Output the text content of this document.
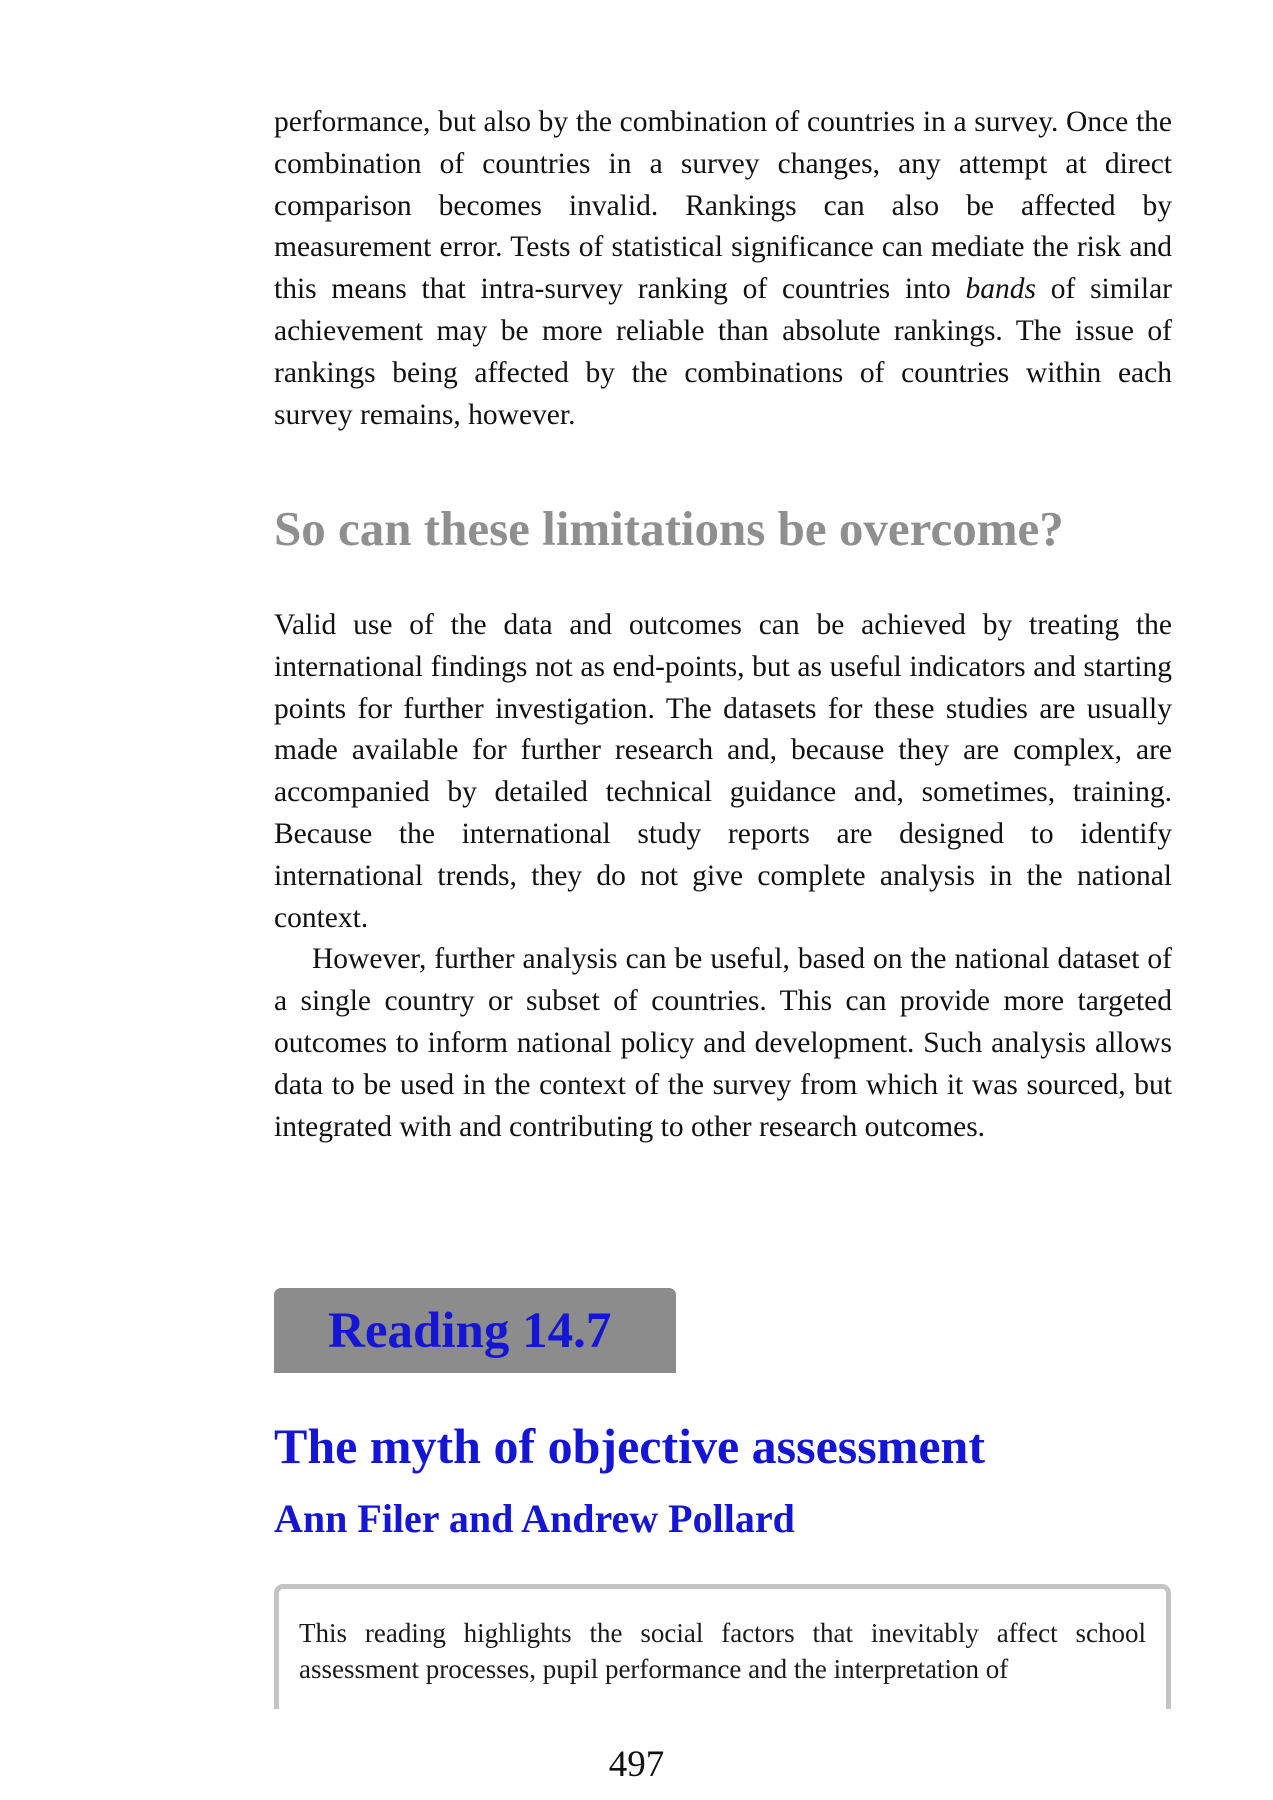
performance, but also by the combination of countries in a survey. Once the combination of countries in a survey changes, any attempt at direct comparison becomes invalid. Rankings can also be affected by measurement error. Tests of statistical significance can mediate the risk and this means that intra-survey ranking of countries into bands of similar achievement may be more reliable than absolute rankings. The issue of rankings being affected by the combinations of countries within each survey remains, however.

So can these limitations be overcome?

Valid use of the data and outcomes can be achieved by treating the international findings not as end-points, but as useful indicators and starting points for further investigation. The datasets for these studies are usually made available for further research and, because they are complex, are accompanied by detailed technical guidance and, sometimes, training. Because the international study reports are designed to identify international trends, they do not give complete analysis in the national context.

However, further analysis can be useful, based on the national dataset of a single country or subset of countries. This can provide more targeted outcomes to inform national policy and development. Such analysis allows data to be used in the context of the survey from which it was sourced, but integrated with and contributing to other research outcomes.

Reading 14.7
The myth of objective assessment
Ann Filer and Andrew Pollard

This reading highlights the social factors that inevitably affect school assessment processes, pupil performance and the interpretation of

497
